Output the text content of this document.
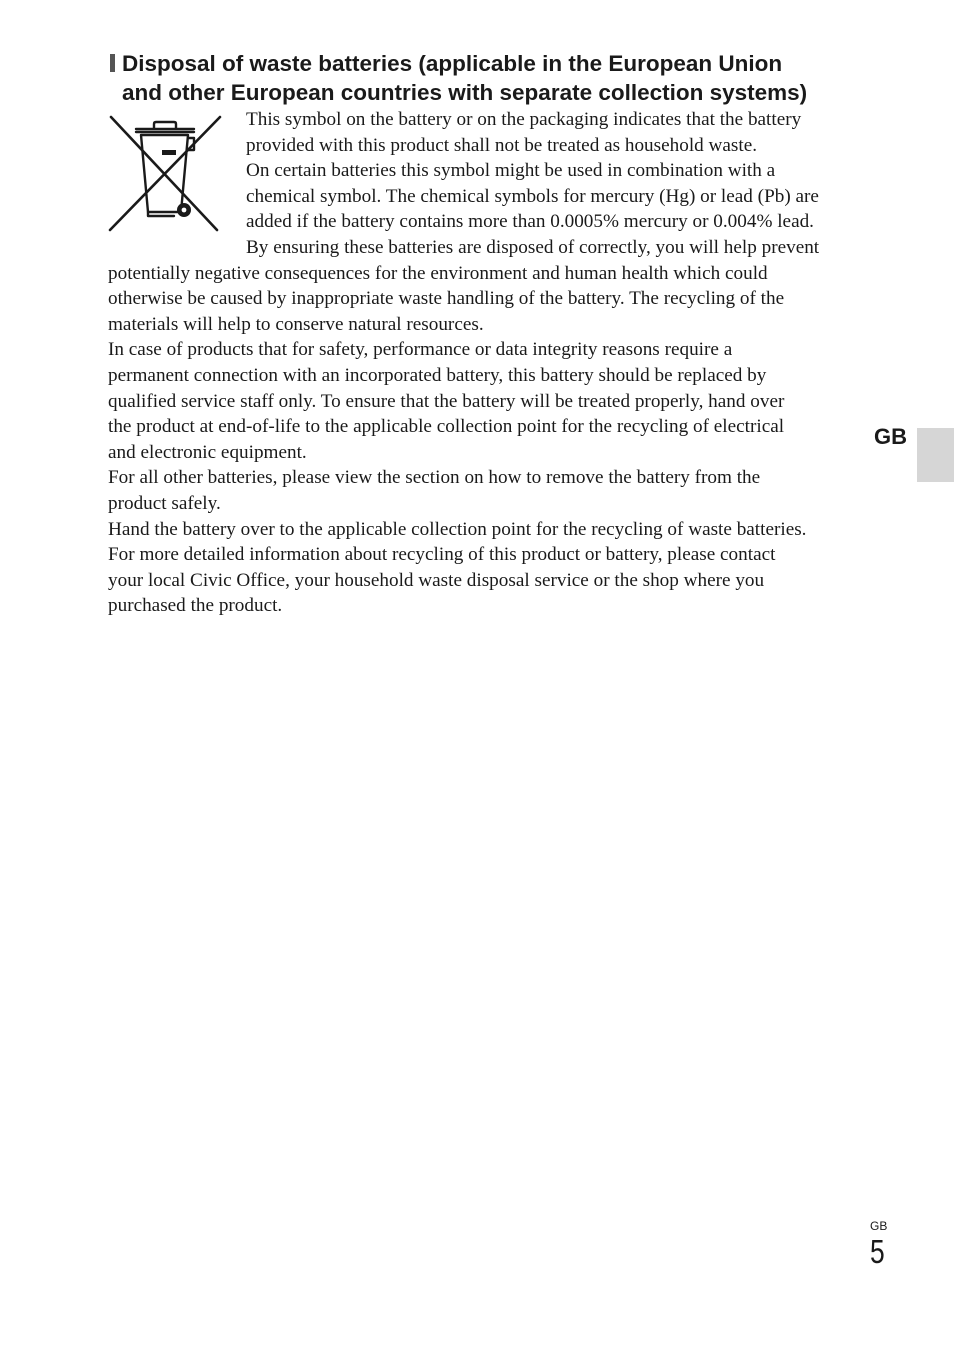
Disposal of waste batteries (applicable in the European Union
and other European countries with separate collection systems)
This symbol on the battery or on the packaging indicates that the battery
provided with this product shall not be treated as household waste.
On certain batteries this symbol might be used in combination with a
chemical symbol. The chemical symbols for mercury (Hg) or lead (Pb) are
added if the battery contains more than 0.0005% mercury or 0.004% lead.
By ensuring these batteries are disposed of correctly, you will help prevent
potentially negative consequences for the environment and human health which could
otherwise be caused by inappropriate waste handling of the battery. The recycling of the
materials will help to conserve natural resources.
In case of products that for safety, performance or data integrity reasons require a
permanent connection with an incorporated battery, this battery should be replaced by
qualified service staff only. To ensure that the battery will be treated properly, hand over
the product at end-of-life to the applicable collection point for the recycling of electrical
and electronic equipment.
For all other batteries, please view the section on how to remove the battery from the
product safely.
Hand the battery over to the applicable collection point for the recycling of waste batteries.
For more detailed information about recycling of this product or battery, please contact
your local Civic Office, your household waste disposal service or the shop where you
purchased the product.
GB
GB
5
